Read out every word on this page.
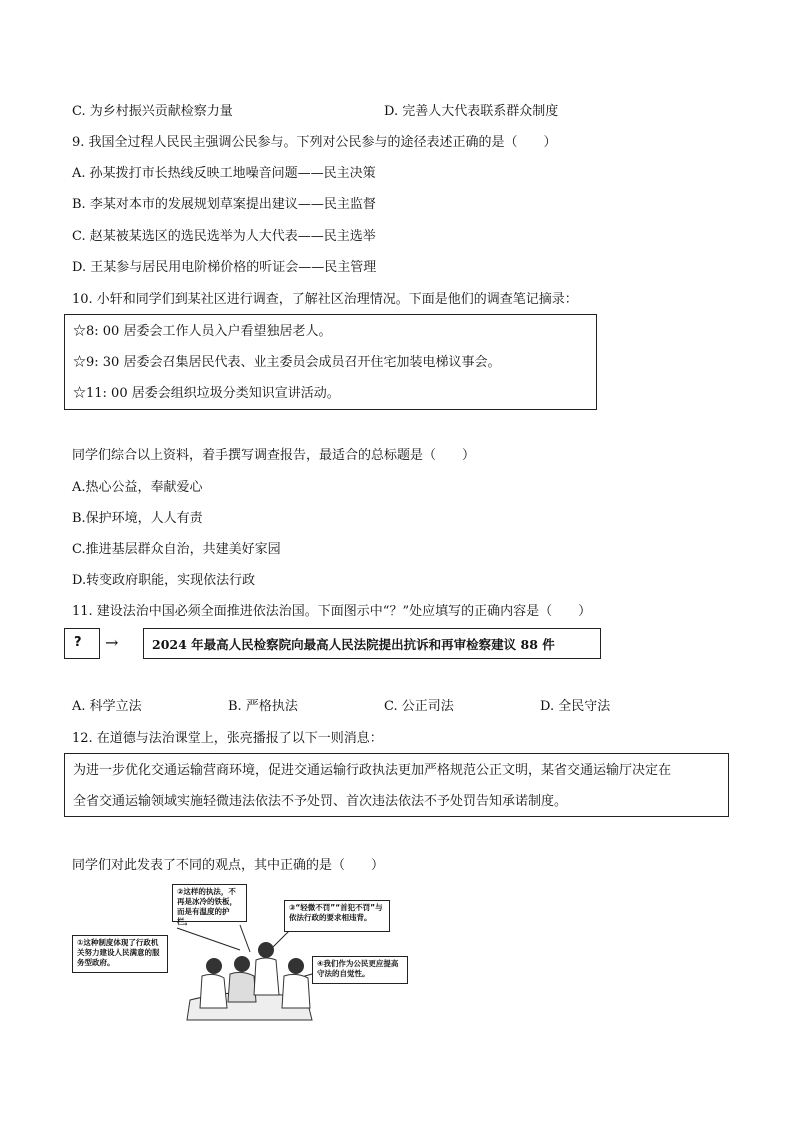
C. 为乡村振兴贡献检察力量	D. 完善人大代表联系群众制度
9. 我国全过程人民民主强调公民参与。下列对公民参与的途径表述正确的是（　　）
A. 孙某拨打市长热线反映工地噪音问题——民主决策
B. 李某对本市的发展规划草案提出建议——民主监督
C. 赵某被某选区的选民选举为人大代表——民主选举
D. 王某参与居民用电阶梯价格的听证会——民主管理
10. 小轩和同学们到某社区进行调查，了解社区治理情况。下面是他们的调查笔记摘录：
☆8: 00 居委会工作人员入户看望独居老人。
☆9: 30 居委会召集居民代表、业主委员会成员召开住宅加装电梯议事会。
☆11: 00 居委会组织垃圾分类知识宣讲活动。
同学们综合以上资料，着手撰写调查报告，最适合的总标题是（　　）
A.热心公益，奉献爱心
B.保护环境，人人有责
C.推进基层群众自治，共建美好家园
D.转变政府职能，实现依法行政
11. 建设法治中国必须全面推进依法治国。下面图示中“？”处应填写的正确内容是（　　）
? →	2024 年最高人民检察院向最高人民法院提出抗诉和再审检察建议 88 件
A. 科学立法	B. 严格执法	C. 公正司法	D. 全民守法
12. 在道德与法治课堂上，张亮播报了以下一则消息：
为进一步优化交通运输营商环境，促进交通运输行政执法更加严格规范公正文明，某省交通运输厅决定在
全省交通运输领域实施轻微违法依法不予处罚、首次违法依法不予处罚告知承诺制度。
同学们对此发表了不同的观点，其中正确的是（　　）
①这种制度体现了行政机关努力建设人民满意的服务型政府。
②这样的执法，不再是冰冷的铁板，而是有温度的护栏。
③“轻微不罚”“首犯不罚”与依法行政的要求相违背。
④我们作为公民更应提高守法的自觉性。
